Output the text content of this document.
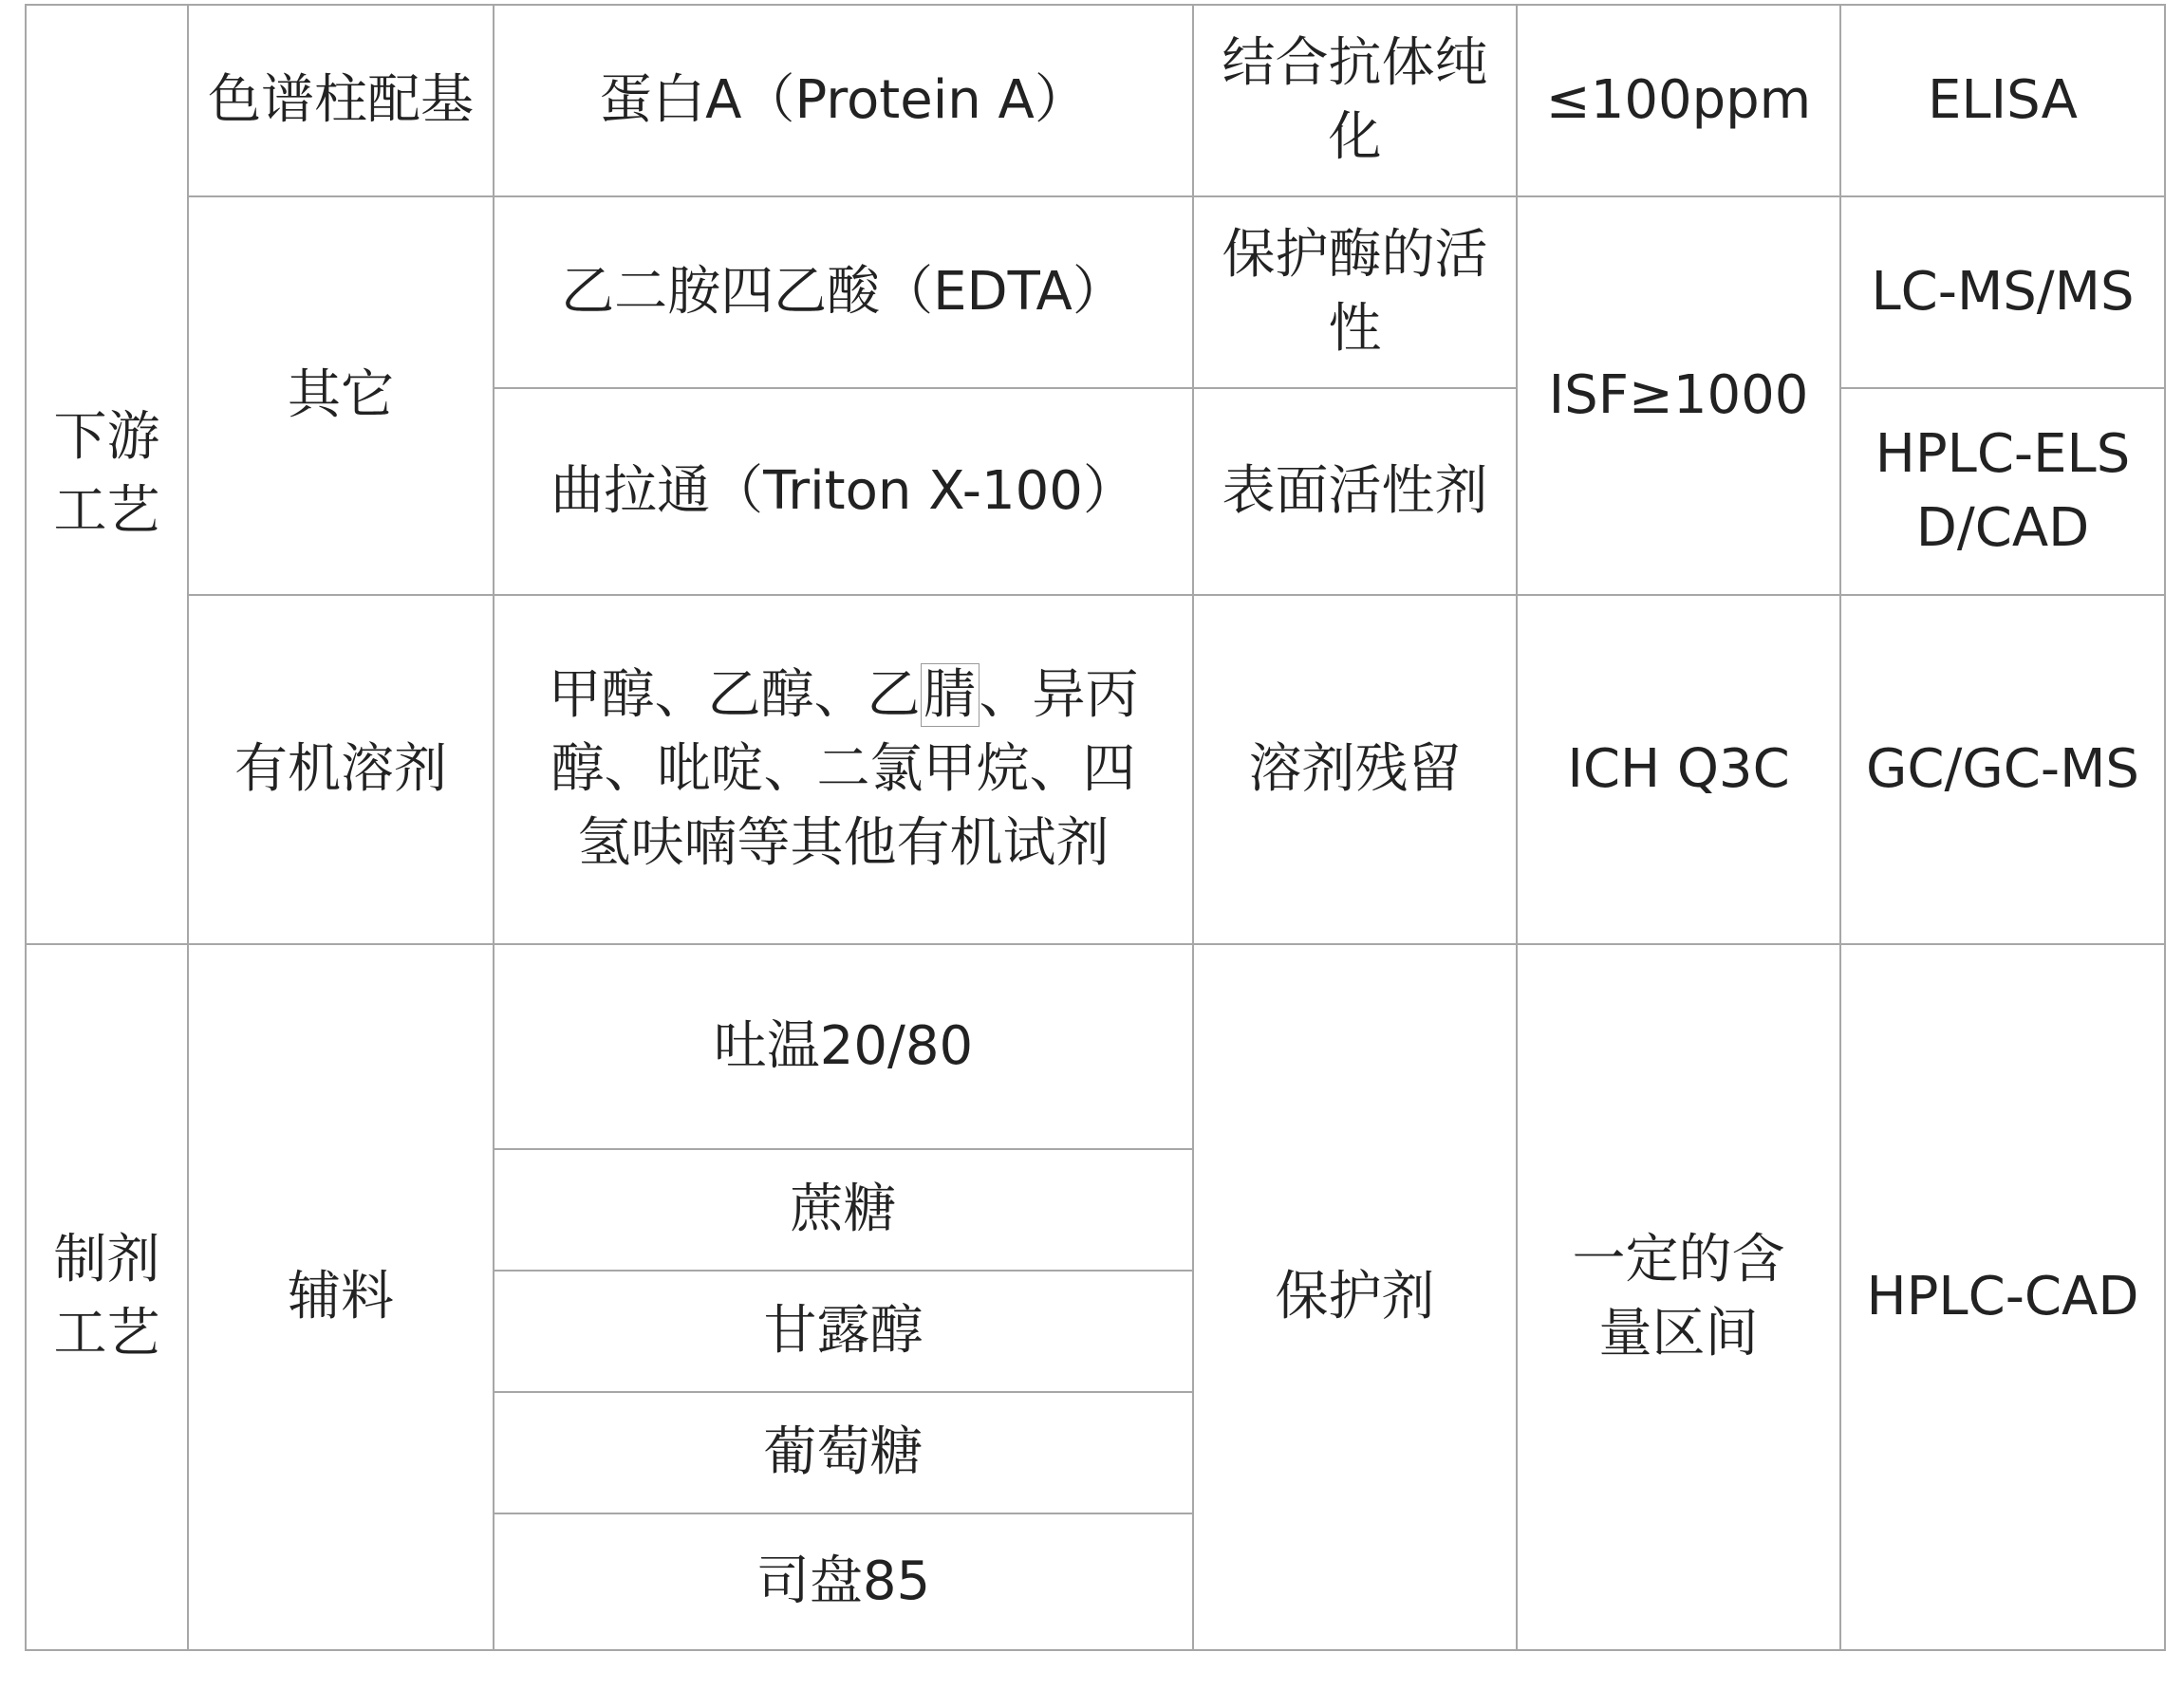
下游工艺	色谱柱配基	蛋白A（Protein A）	结合抗体纯化	≤100ppm	ELISA
	其它	乙二胺四乙酸（EDTA）	保护酶的活性	ISF≥1000	LC-MS/MS
		曲拉通（Triton X-100）	表面活性剂		HPLC-ELSD/CAD
	有机溶剂	甲醇、乙醇、乙腈、异丙醇、吡啶、二氯甲烷、四氢呋喃等其他有机试剂	溶剂残留	ICH Q3C	GC/GC-MS
制剂工艺	辅料	吐温20/80	保护剂	一定的含量区间	HPLC-CAD
		蔗糖			
		甘露醇			
		葡萄糖			
		司盘85			
